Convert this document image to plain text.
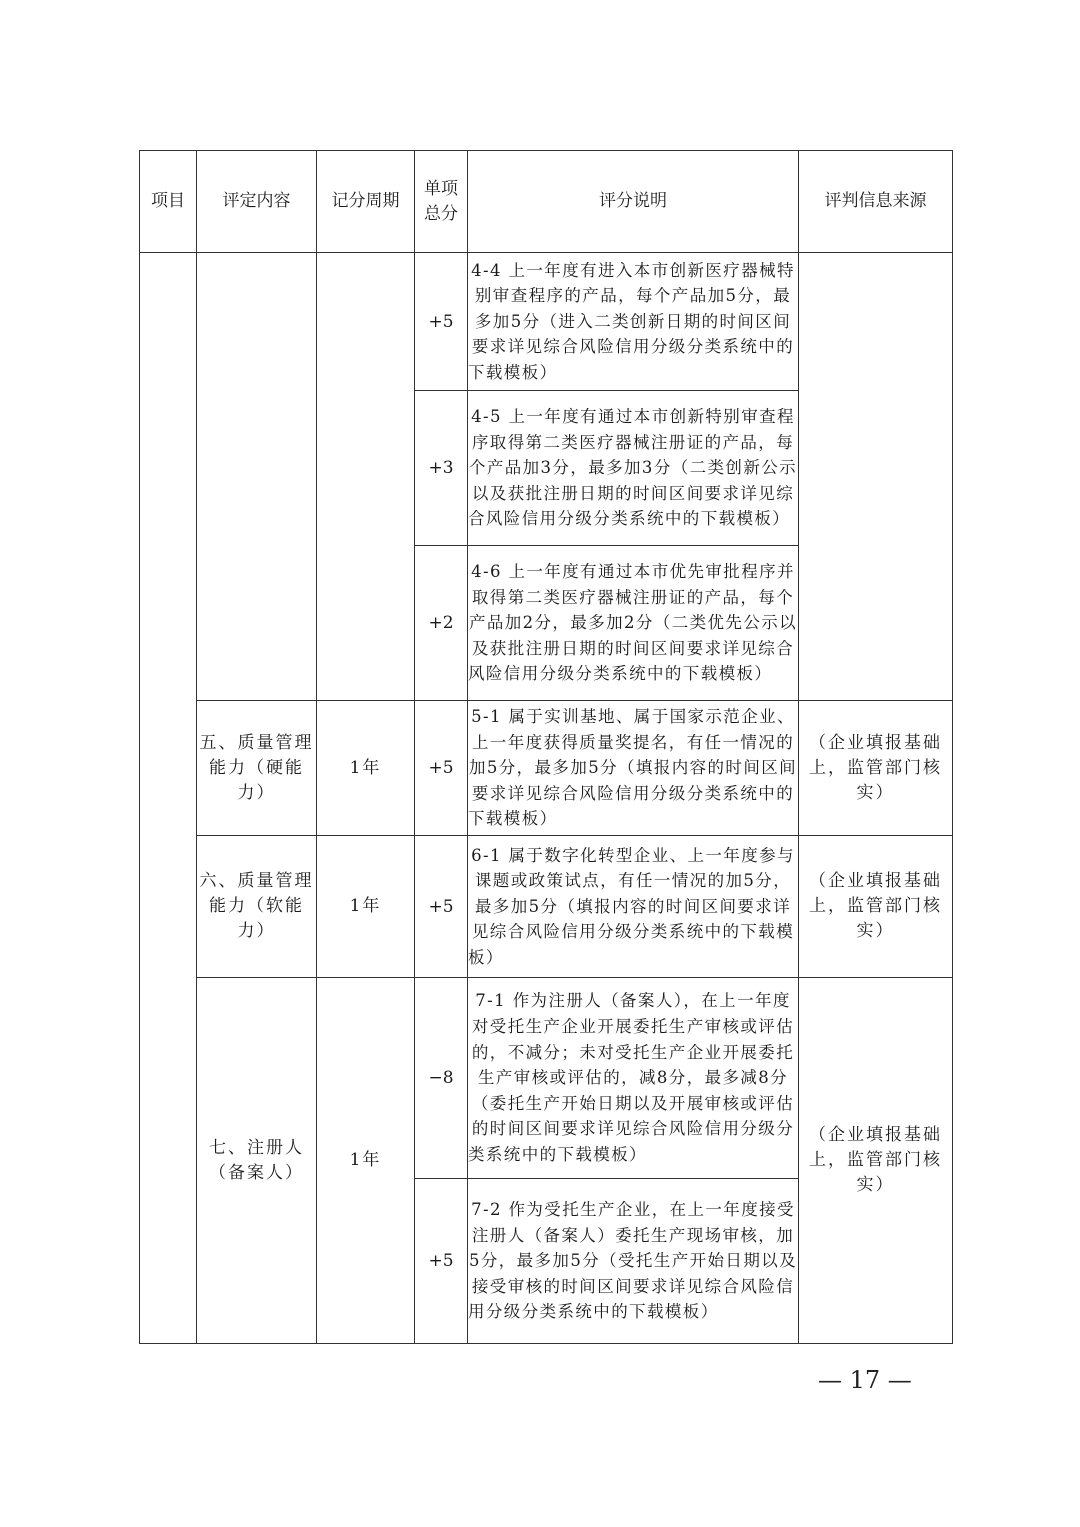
项目	评定内容	记分周期	单项总分	评分说明	评判信息来源
			+5	4-4 上一年度有进入本市创新医疗器械特别审查程序的产品，每个产品加5分，最多加5分（进入二类创新日期的时间区间要求详见综合风险信用分级分类系统中的下载模板）	
			+3	4-5 上一年度有通过本市创新特别审查程序取得第二类医疗器械注册证的产品，每个产品加3分，最多加3分（二类创新公示以及获批注册日期的时间区间要求详见综合风险信用分级分类系统中的下载模板）	
			+2	4-6 上一年度有通过本市优先审批程序并取得第二类医疗器械注册证的产品，每个产品加2分，最多加2分（二类优先公示以及获批注册日期的时间区间要求详见综合风险信用分级分类系统中的下载模板）	
	五、质量管理能力（硬能力）	1年	+5	5-1 属于实训基地、属于国家示范企业、上一年度获得质量奖提名，有任一情况的加5分，最多加5分（填报内容的时间区间要求详见综合风险信用分级分类系统中的下载模板）	（企业填报基础上，监管部门核实）
	六、质量管理能力（软能力）	1年	+5	6-1 属于数字化转型企业、上一年度参与课题或政策试点，有任一情况的加5分，最多加5分（填报内容的时间区间要求详见综合风险信用分级分类系统中的下载模板）	（企业填报基础上，监管部门核实）
	七、注册人（备案人）	1年	−8	7-1 作为注册人（备案人），在上一年度对受托生产企业开展委托生产审核或评估的，不减分；未对受托生产企业开展委托生产审核或评估的，减8分，最多减8分（委托生产开始日期以及开展审核或评估的时间区间要求详见综合风险信用分级分类系统中的下载模板）	（企业填报基础上，监管部门核实）
			+5	7-2 作为受托生产企业，在上一年度接受注册人（备案人）委托生产现场审核，加5分，最多加5分（受托生产开始日期以及接受审核的时间区间要求详见综合风险信用分级分类系统中的下载模板）	
— 17 —
